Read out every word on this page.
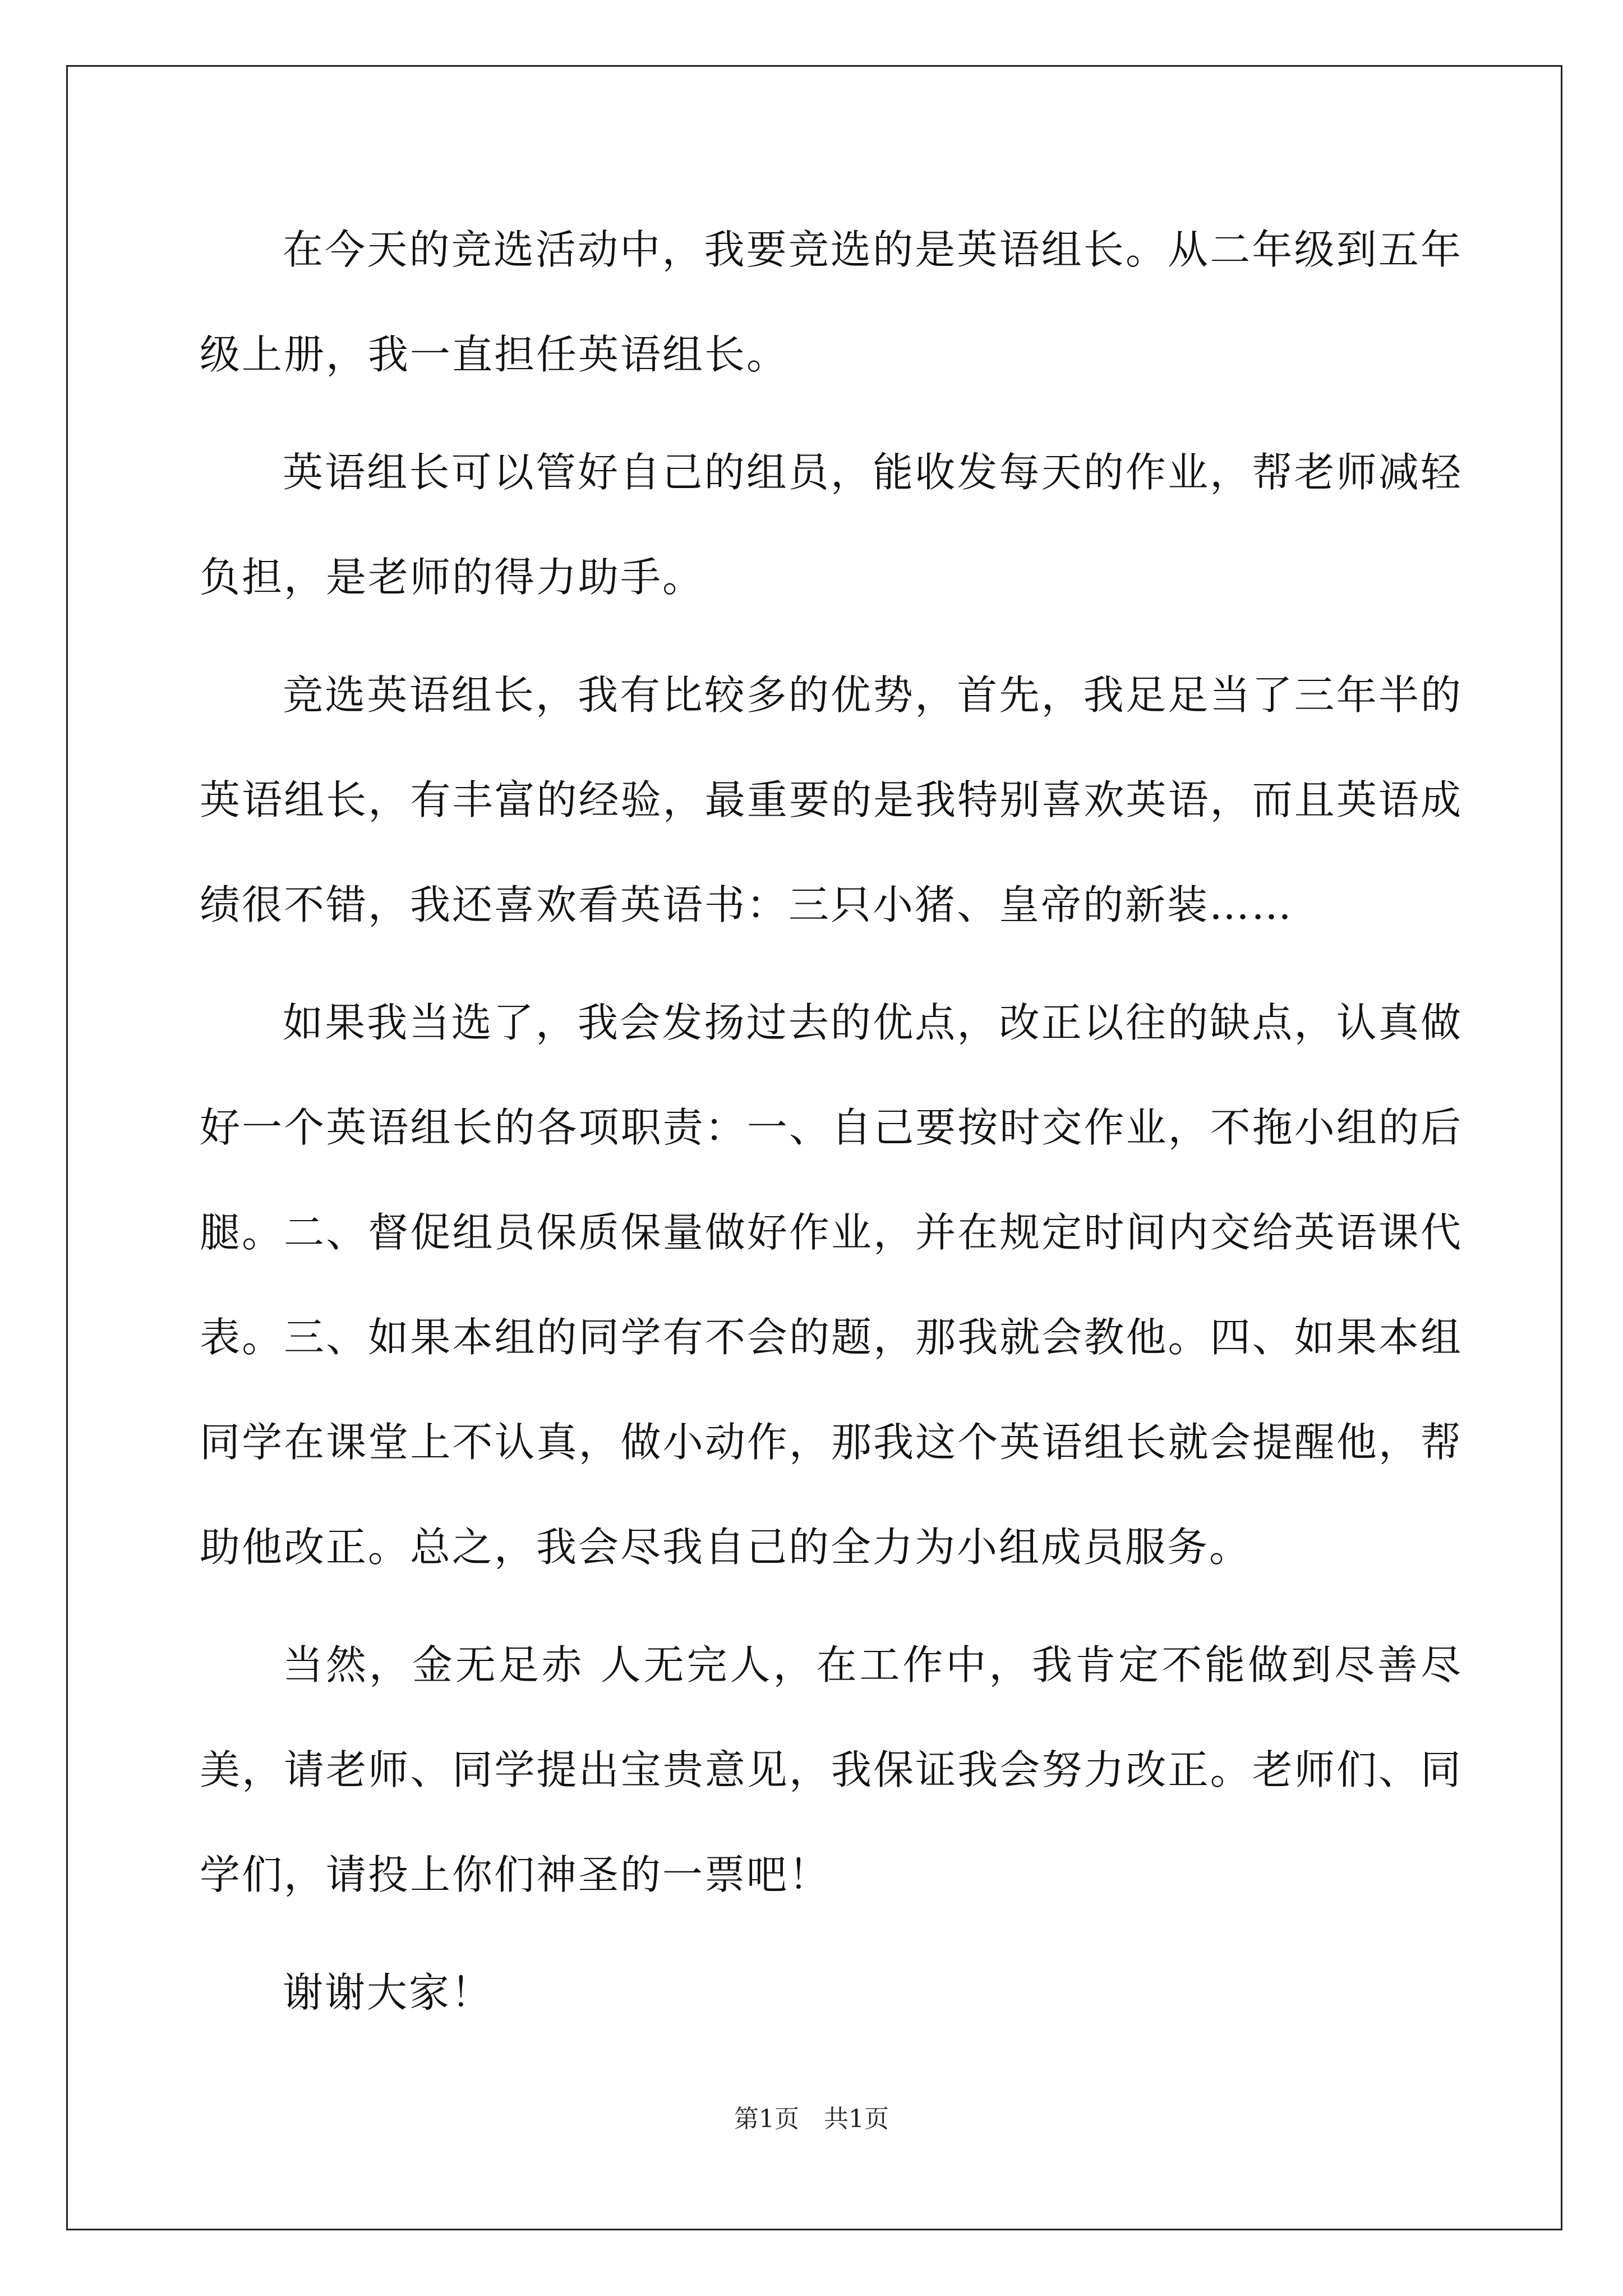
在今天的竞选活动中，我要竞选的是英语组长。从二年级到五年级上册，我一直担任英语组长。

英语组长可以管好自己的组员，能收发每天的作业，帮老师减轻负担，是老师的得力助手。

竞选英语组长，我有比较多的优势，首先，我足足当了三年半的英语组长，有丰富的经验，最重要的是我特别喜欢英语，而且英语成绩很不错，我还喜欢看英语书：三只小猪、皇帝的新装……

如果我当选了，我会发扬过去的优点，改正以往的缺点，认真做好一个英语组长的各项职责：一、自己要按时交作业，不拖小组的后腿。二、督促组员保质保量做好作业，并在规定时间内交给英语课代表。三、如果本组的同学有不会的题，那我就会教他。四、如果本组同学在课堂上不认真，做小动作，那我这个英语组长就会提醒他，帮助他改正。总之，我会尽我自己的全力为小组成员服务。

当然，金无足赤 人无完人，在工作中，我肯定不能做到尽善尽美，请老师、同学提出宝贵意见，我保证我会努力改正。老师们、同学们，请投上你们神圣的一票吧！

谢谢大家！

第1页　共1页
